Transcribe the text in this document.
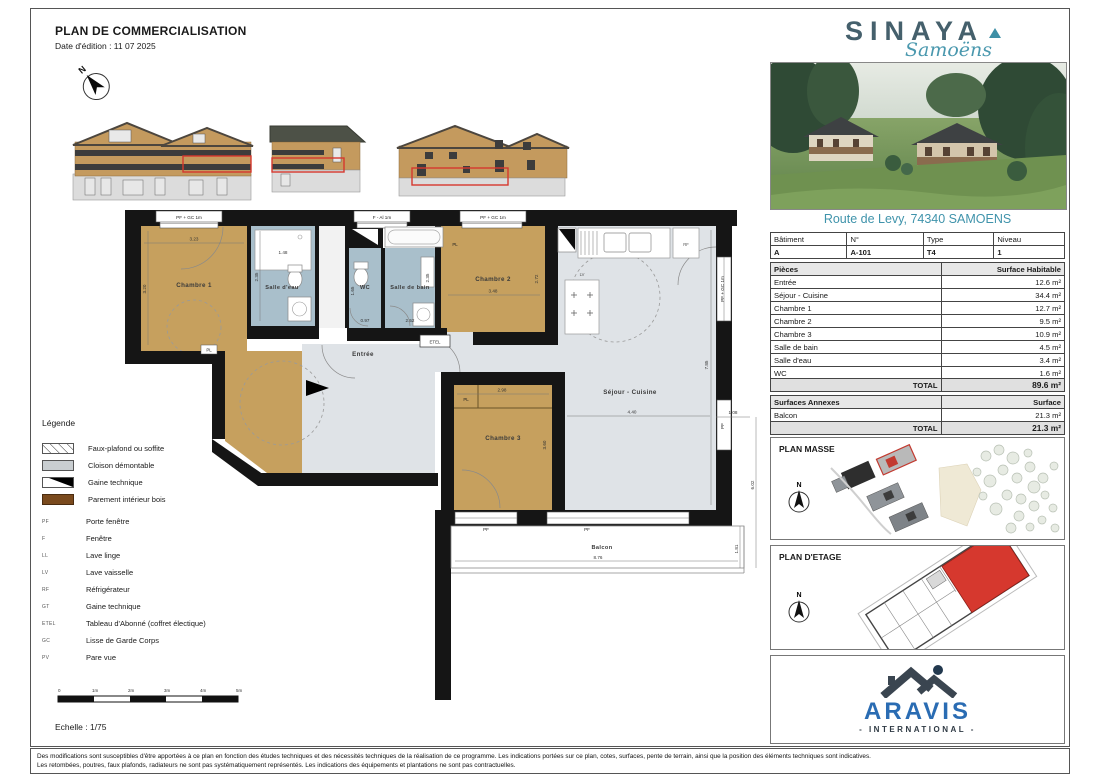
PLAN DE COMMERCIALISATION
Date d'édition : 11 07 2025
N
PF + GC 1m	F - Al 1m	PF + GC 1m
PF + GC 1m
PF
PF	PF
RF
LV
ETEL
3.23
3.20
1.48
2.35
1.65
0.97
2.35
2.52
3.48
2.72
2.98
3.60
4.40
7.85
8.76
1.81
6.02
1.08
PL
PL
PL
Chambre 1	Salle d'eau	WC	Salle de bain
Chambre 2
Chambre 3
Entrée
Séjour - Cuisine
Balcon
Légende
Faux-plafond ou soffite
Cloison démontable
Gaine technique
Parement intérieur bois
PF	Porte fenêtre
F	Fenêtre
LL	Lave linge
LV	Lave vaisselle
RF	Réfrigérateur
GT	Gaine technique
ETEL	Tableau d'Abonné (coffret électique)
GC	Lisse de Garde Corps
PV	Pare vue
0	1m	2m	3m	4m	5m
Echelle : 1/75
SINAYA
Samoëns
Route de Levy, 74340 SAMOENS
Bâtiment	N°	Type	Niveau
A	A-101	T4	1
Pièces	Surface Habitable
Entrée	12.6 m²
Séjour - Cuisine	34.4 m²
Chambre 1	12.7 m²
Chambre 2	9.5 m²
Chambre 3	10.9 m²
Salle de bain	4.5 m²
Salle d'eau	3.4 m²
WC	1.6 m²
TOTAL	89.6 m²
Surfaces Annexes	Surface
Balcon	21.3 m²
TOTAL	21.3 m²
PLAN MASSE
N
PLAN D'ETAGE
N
ARAVIS
- INTERNATIONAL -
Des modifications sont susceptibles d'être apportées à ce plan en fonction des études techniques et des nécessités techniques de la réalisation de ce programme. Les indications portées sur ce plan, cotes, surfaces, pente de terrain, ainsi que la position des éléments techniques sont indicatives.
Les retombées, poutres, faux plafonds, radiateurs ne sont pas systématiquement représentés. Les indications des équipements et plantations ne sont pas contractuelles.
